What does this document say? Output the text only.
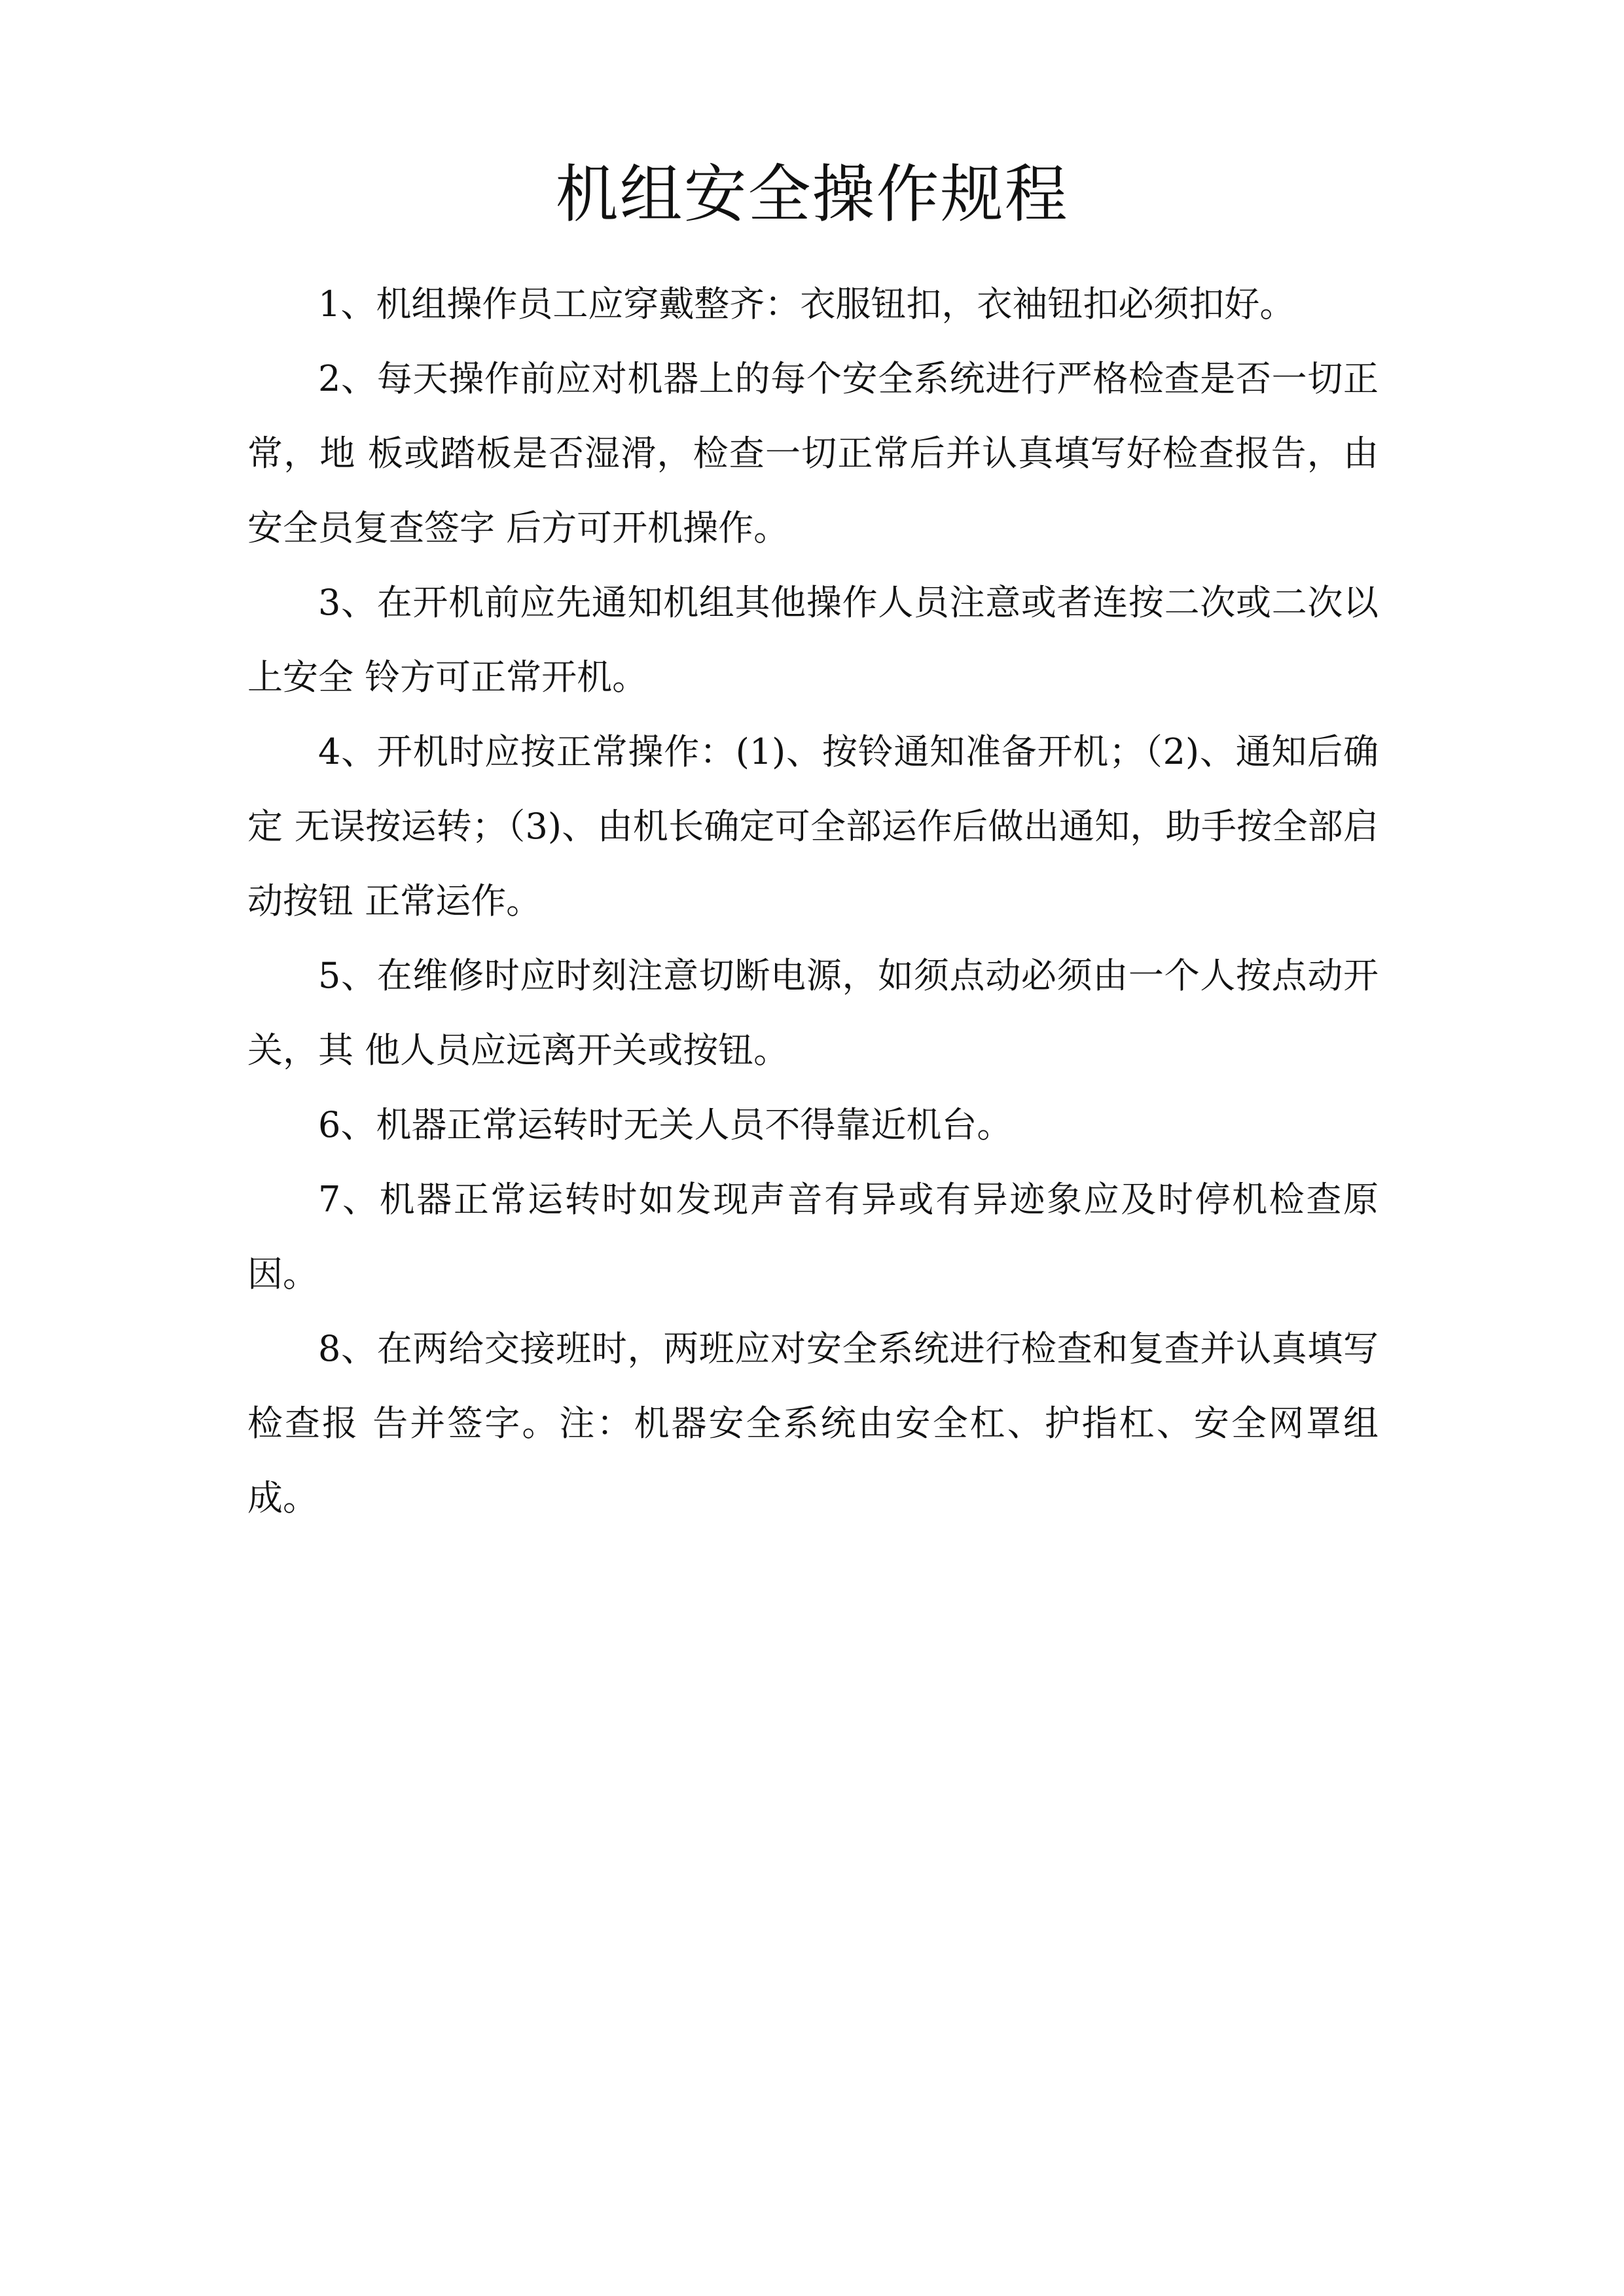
机组安全操作规程

1、机组操作员工应穿戴整齐：衣服钮扣，衣袖钮扣必须扣好。

2、每天操作前应对机器上的每个安全系统进行严格检查是否一切正常，地 板或踏板是否湿滑，检查一切正常后并认真填写好检查报告，由安全员复查签字 后方可开机操作。

3、在开机前应先通知机组其他操作人员注意或者连按二次或二次以上安全 铃方可正常开机。

4、开机时应按正常操作：(1)、按铃通知准备开机；（2)、通知后确定 无误按运转；（3)、由机长确定可全部运作后做出通知，助手按全部启动按钮 正常运作。

5、在维修时应时刻注意切断电源，如须点动必须由一个人按点动开关，其 他人员应远离开关或按钮。

6、机器正常运转时无关人员不得靠近机台。

7、机器正常运转时如发现声音有异或有异迹象应及时停机检查原因。

8、在两给交接班时，两班应对安全系统进行检查和复查并认真填写检查报 告并签字。注：机器安全系统由安全杠、护指杠、安全网罩组成。
